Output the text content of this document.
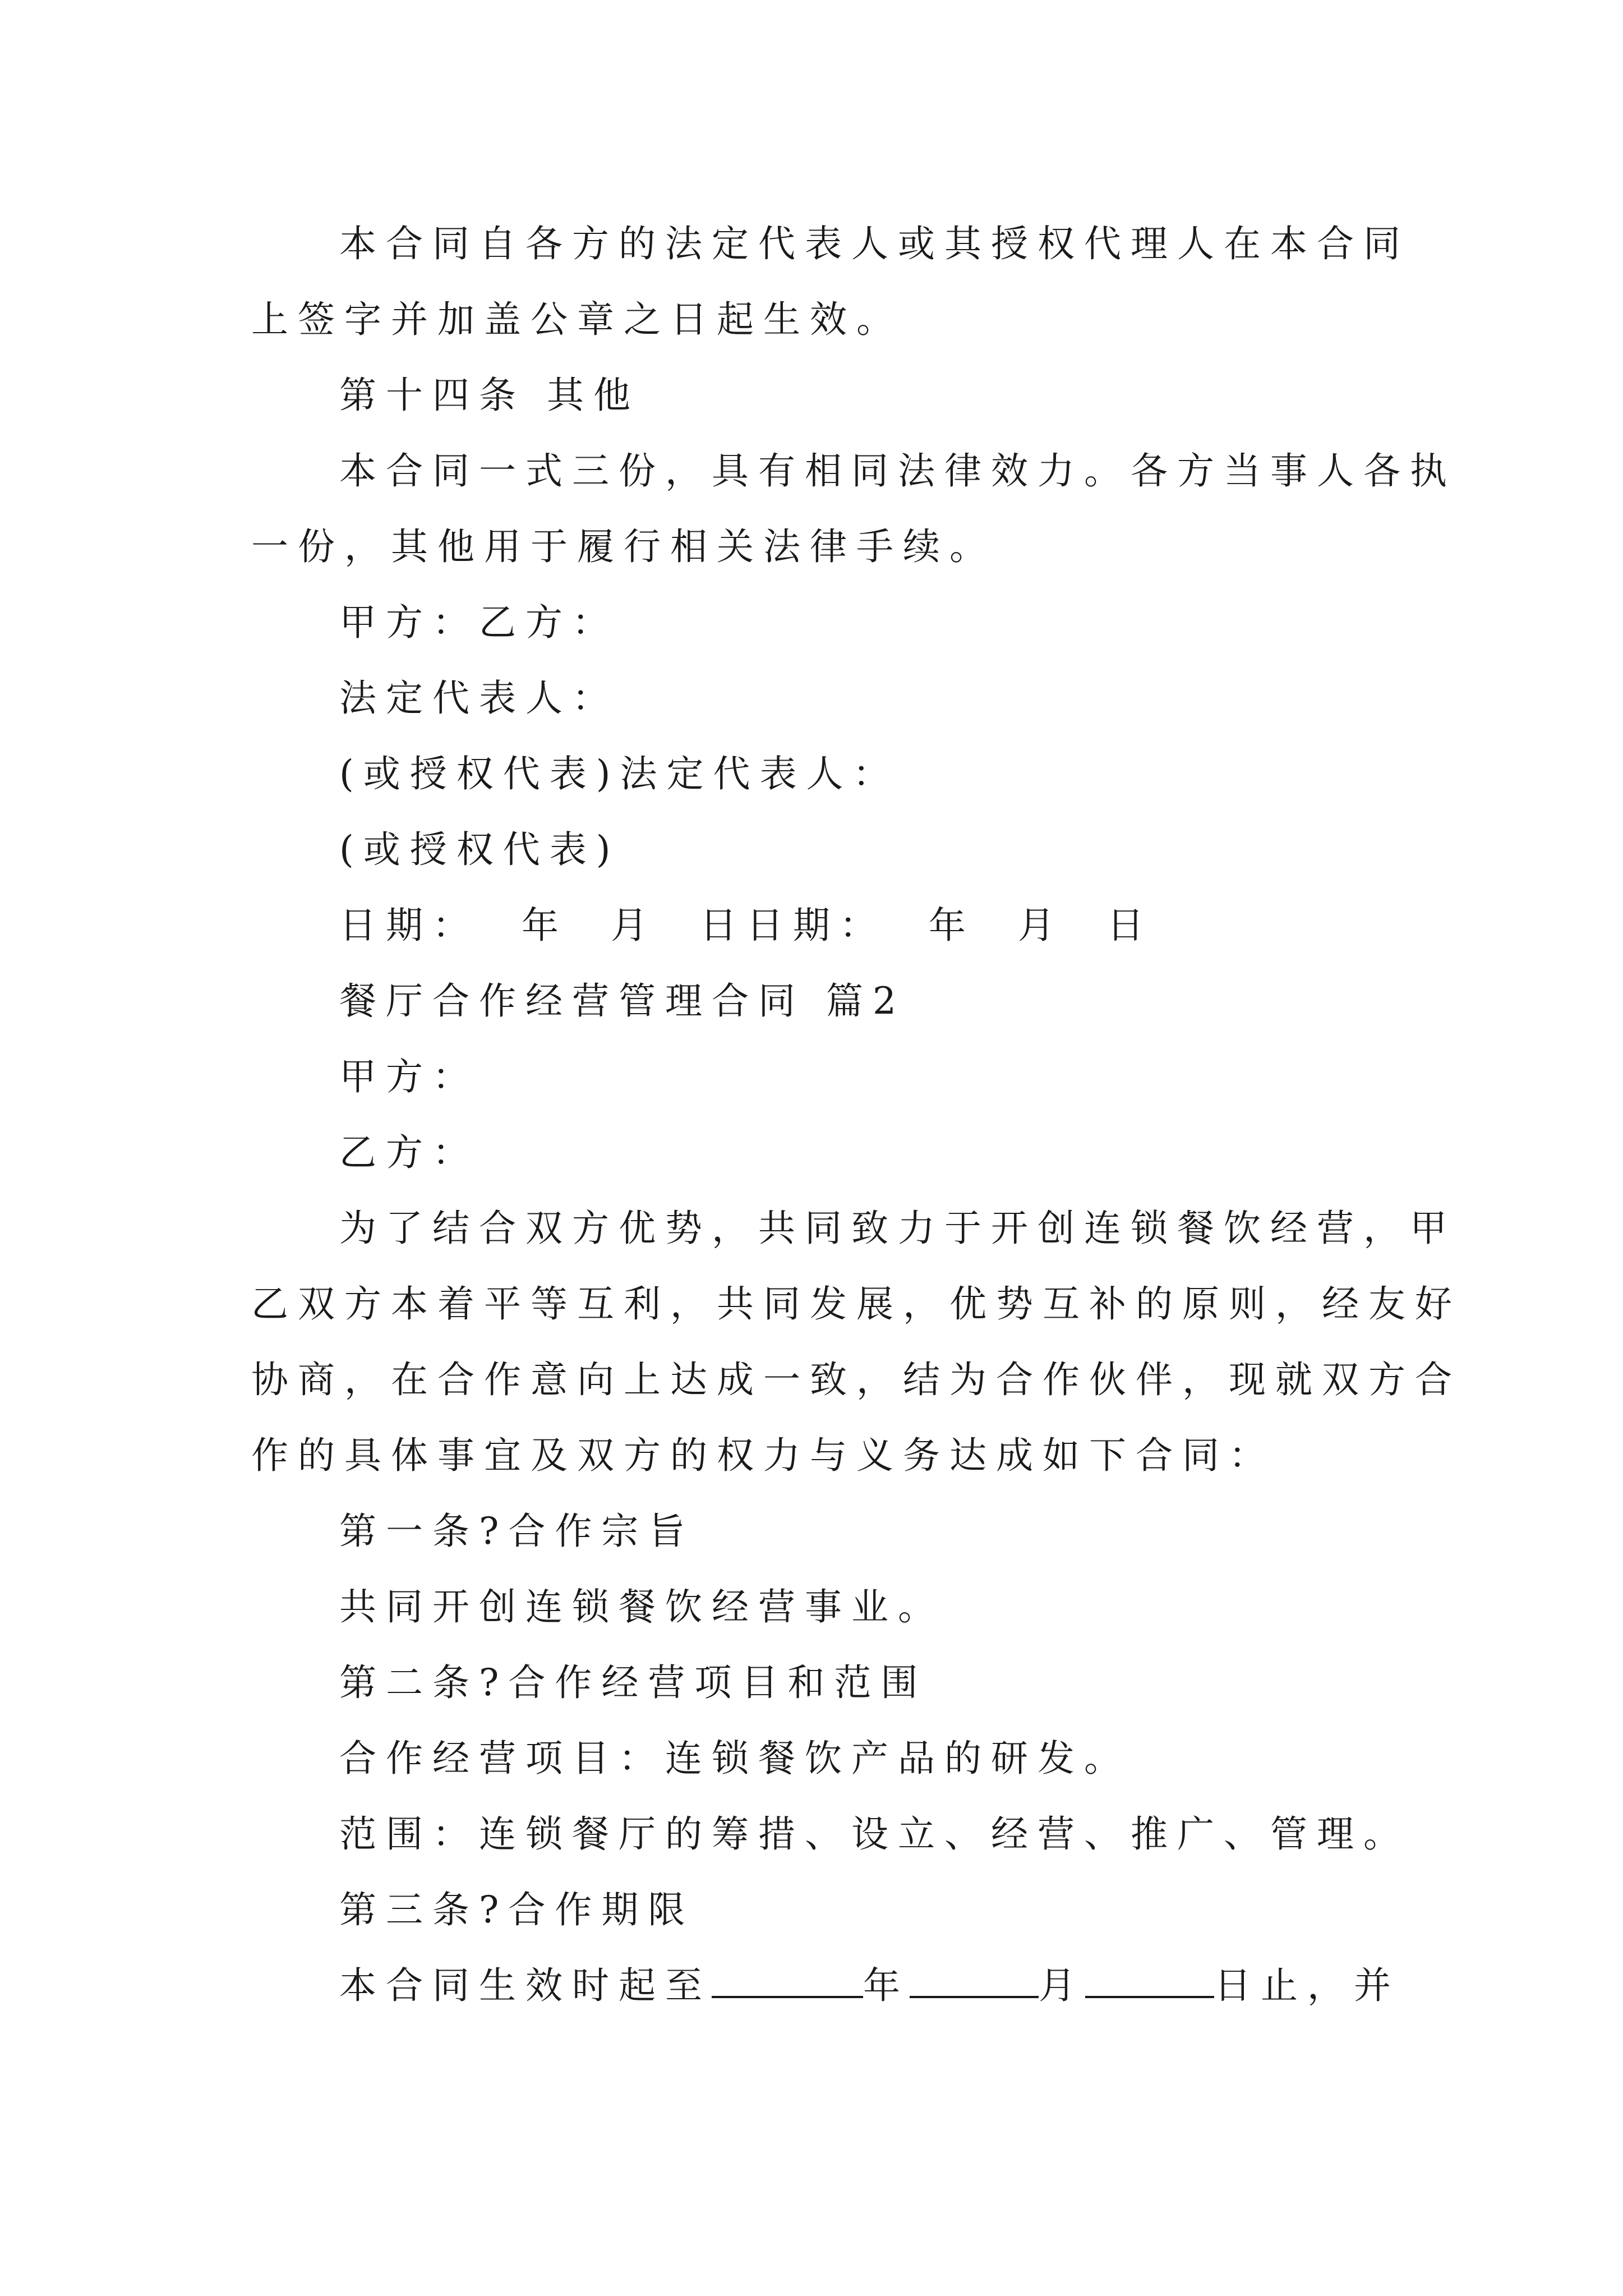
本合同自各方的法定代表人或其授权代理人在本合同
上签字并加盖公章之日起生效。
第十四条 其他
本合同一式三份，具有相同法律效力。各方当事人各执
一份，其他用于履行相关法律手续。
甲方：乙方：
法定代表人：
(或授权代表)法定代表人：
(或授权代表)
日期：  年  月  日日期：  年  月  日
餐厅合作经营管理合同 篇2
甲方：
乙方：
为了结合双方优势，共同致力于开创连锁餐饮经营，甲
乙双方本着平等互利，共同发展，优势互补的原则，经友好
协商，在合作意向上达成一致，结为合作伙伴，现就双方合
作的具体事宜及双方的权力与义务达成如下合同：
第一条?合作宗旨
共同开创连锁餐饮经营事业。
第二条?合作经营项目和范围
合作经营项目：连锁餐饮产品的研发。
范围：连锁餐厅的筹措、设立、经营、推广、管理。
第三条?合作期限
本合同生效时起至	年	月	日止，并
